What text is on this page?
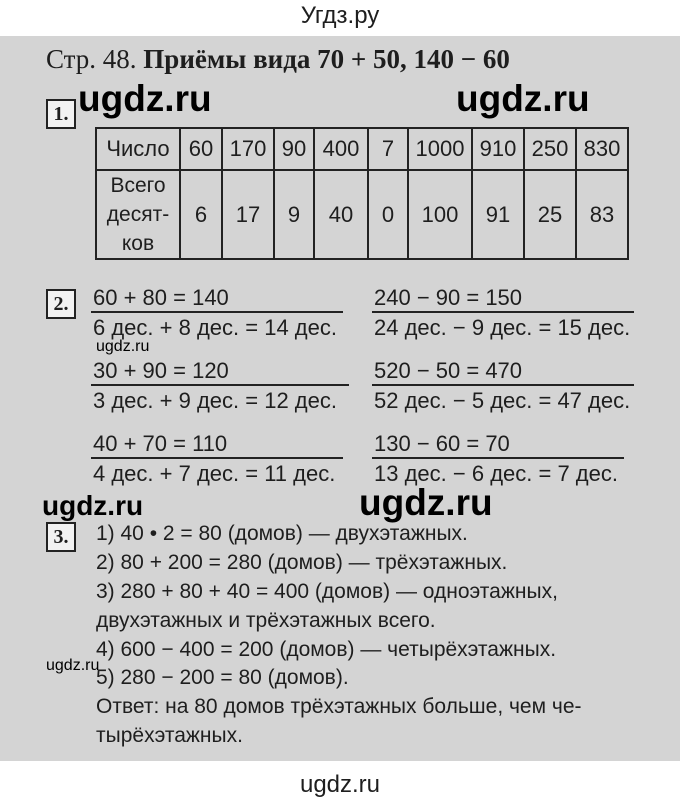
Угдз.ру
Стр. 48. Приёмы вида 70 + 50, 140 − 60
1.
Число	60	170	90	400	7	1000	910	250	830

Всего
десят-
ков	6	17	9	40	0	100	91	25	83
2.	60 + 80 = 140
6 дес. + 8 дес. = 14 дес.
240 − 90 = 150
24 дес. − 9 дес. = 15 дес.
30 + 90 = 120
3 дес. + 9 дес. = 12 дес.
520 − 50 = 470
52 дес. − 5 дес. = 47 дес.
40 + 70 = 110
4 дес. + 7 дес. = 11 дес.
130 − 60 = 70
13 дес. − 6 дес. = 7 дес.
3.	1) 40 • 2 = 80 (домов) — двухэтажных.
2) 80 + 200 = 280 (домов) — трёхэтажных.
3) 280 + 80 + 40 = 400 (домов) — одноэтажных,
двухэтажных и трёхэтажных всего.
4) 600 − 400 = 200 (домов) — четырёхэтажных.
5) 280 − 200 = 80 (домов).
Ответ: на 80 домов трёхэтажных больше, чем че-
тырёхэтажных.
ugdz.ru	ugdz.ru
ugdz.ru
ugdz.ru	ugdz.ru
ugdz.ru
ugdz.ru
